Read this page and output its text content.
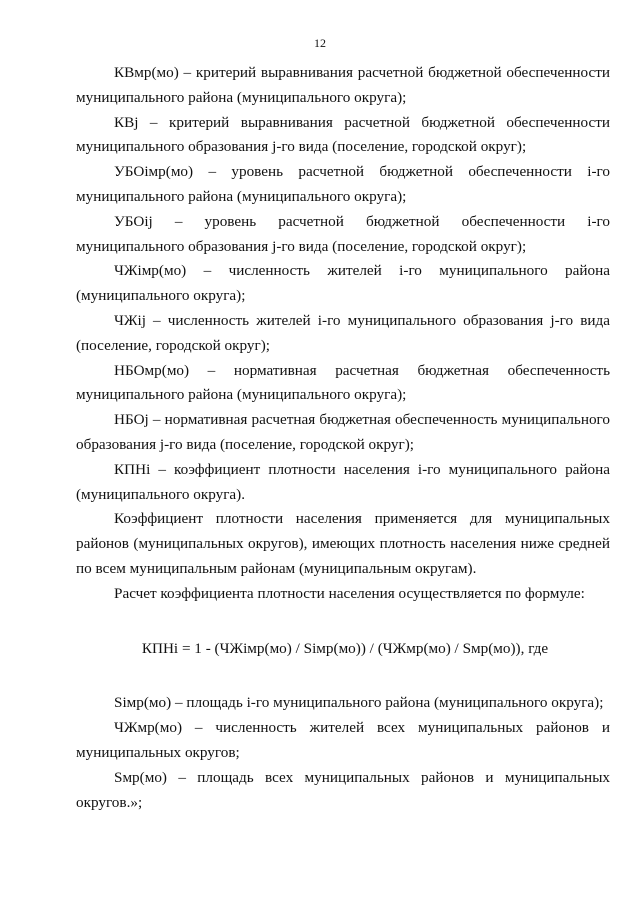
12

КВмр(мо) – критерий выравнивания расчетной бюджетной обеспеченности муниципального района (муниципального округа);

КВj – критерий выравнивания расчетной бюджетной обеспеченности муниципального образования j-го вида (поселение, городской округ);

УБОiмр(мо) – уровень расчетной бюджетной обеспеченности i-го муниципального района (муниципального округа);

УБОij – уровень расчетной бюджетной обеспеченности i-го муниципального образования j-го вида (поселение, городской округ);

ЧЖiмр(мо) – численность жителей i-го муниципального района (муниципального округа);

ЧЖij – численность жителей i-го муниципального образования j-го вида (поселение, городской округ);

НБОмр(мо) – нормативная расчетная бюджетная обеспеченность муниципального района (муниципального округа);

НБОj – нормативная расчетная бюджетная обеспеченность муниципального образования j-го вида (поселение, городской округ);

КПНi – коэффициент плотности населения i-го муниципального района (муниципального округа).

Коэффициент плотности населения применяется для муниципальных районов (муниципальных округов), имеющих плотность населения ниже средней по всем муниципальным районам (муниципальным округам).

Расчет коэффициента плотности населения осуществляется по формуле:

КПНi = 1 - (ЧЖiмр(мо) / Siмр(мо)) / (ЧЖмр(мо) / Sмр(мо)), где

Siмр(мо) – площадь i-го муниципального района (муниципального округа);

ЧЖмр(мо) – численность жителей всех муниципальных районов и муниципальных округов;

Sмр(мо) – площадь всех муниципальных районов и муниципальных округов.»;
